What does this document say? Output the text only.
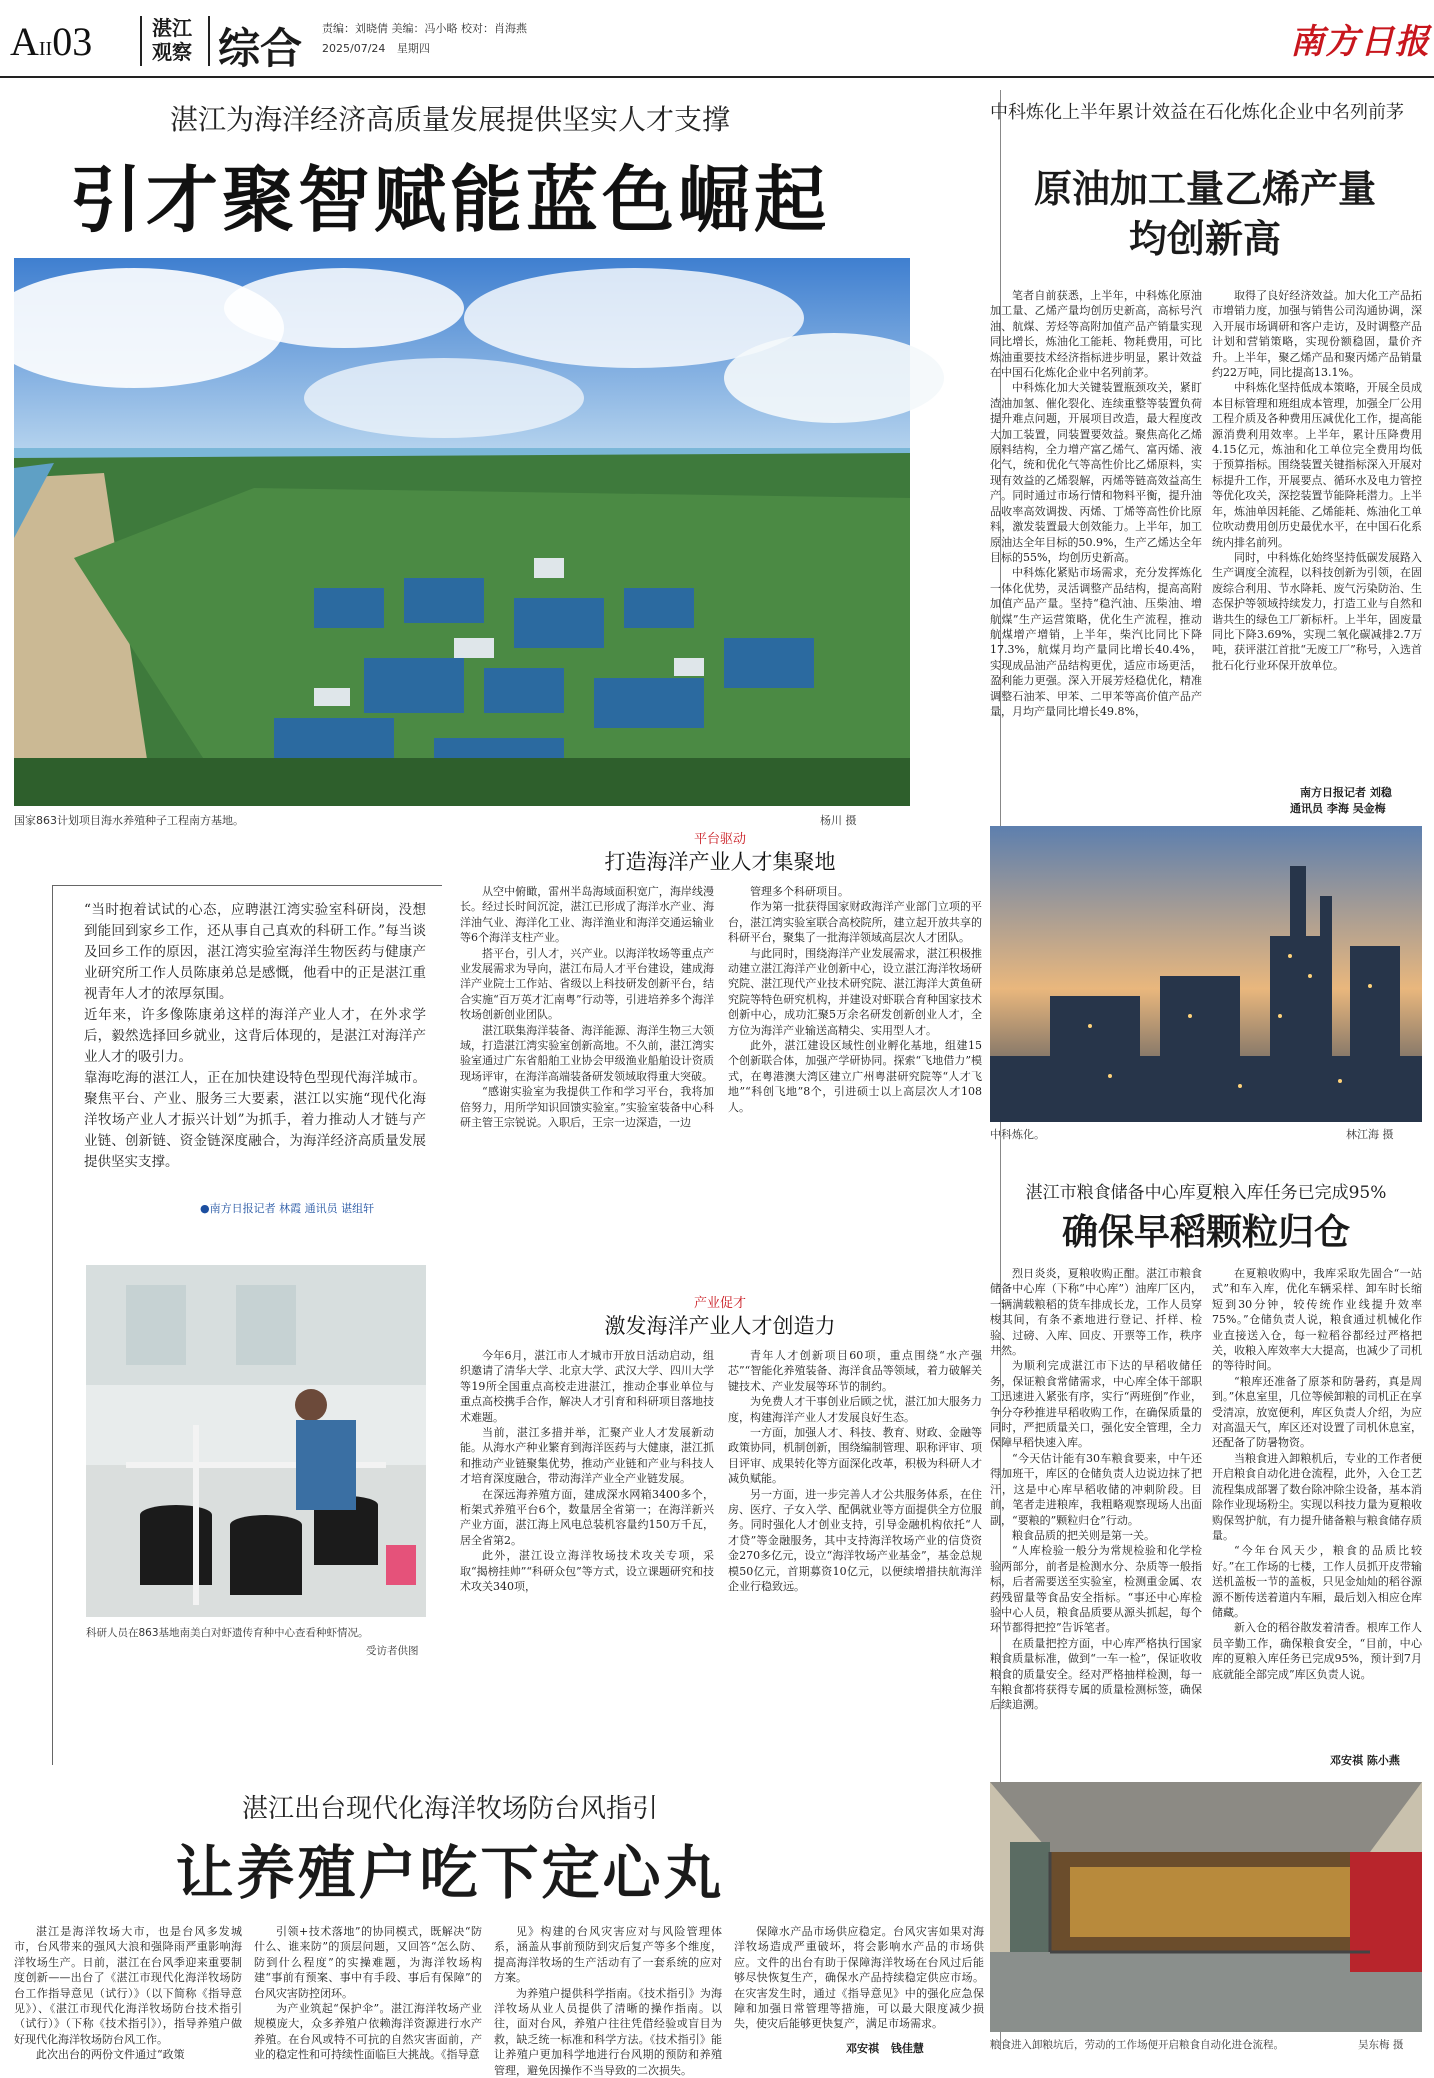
AII03	湛江
观察 综合 责编：刘晓倩 美编：冯小略 校对：肖海燕
2025/07/24 星期四	南方日报
湛江为海洋经济高质量发展提供坚实人才支撑
引才聚智赋能蓝色崛起
国家863计划项目海水养殖种子工程南方基地。	杨川 摄

“当时抱着试试的心态，应聘湛江湾实验室科研岗，没想到能回到家乡工作，还从事自己真欢的科研工作。”每当谈及回乡工作的原因，湛江湾实验室海洋生物医药与健康产业研究所工作人员陈康弟总是感慨，他看中的正是湛江重视青年人才的浓厚氛围。

近年来，许多像陈康弟这样的海洋产业人才，在外求学后，毅然选择回乡就业，这背后体现的，是湛江对海洋产业人才的吸引力。

靠海吃海的湛江人，正在加快建设特色型现代海洋城市。聚焦平台、产业、服务三大要素，湛江以实施“现代化海洋牧场产业人才振兴计划”为抓手，着力推动人才链与产业链、创新链、资金链深度融合，为海洋经济高质量发展提供坚实支撑。

●南方日报记者 林霞 通讯员 谌组轩
科研人员在863基地南美白对虾遗传育种中心查看种虾情况。
受访者供图
平台驱动
打造海洋产业人才集聚地

从空中俯瞰，雷州半岛海域面积宽广，海岸线漫长。经过长时间沉淀，湛江已形成了海洋水产业、海洋油气业、海洋化工业、海洋渔业和海洋交通运输业等6个海洋支柱产业。

搭平台，引人才，兴产业。以海洋牧场等重点产业发展需求为导向，湛江布局人才平台建设，建成海洋产业院士工作站、省级以上科技研发创新平台，结合实施“百万英才汇南粤”行动等，引进培养多个海洋牧场创新创业团队。

湛江联集海洋装备、海洋能源、海洋生物三大领域，打造湛江湾实验室创新高地。不久前，湛江湾实验室通过广东省船舶工业协会甲级渔业船舶设计资质现场评审，在海洋高端装备研发领域取得重大突破。

“感谢实验室为我提供工作和学习平台，我将加倍努力，用所学知识回馈实验室。”实验室装备中心科研主管王宗锐说。入职后，王宗一边深造，一边

管理多个科研项目。

作为第一批获得国家财政海洋产业部门立项的平台，湛江湾实验室联合高校院所，建立起开放共享的科研平台，聚集了一批海洋领域高层次人才团队。

与此同时，围绕海洋产业发展需求，湛江积极推动建立湛江海洋产业创新中心，设立湛江海洋牧场研究院、湛江现代产业技术研究院、湛江海洋大黄鱼研究院等特色研究机构，并建设对虾联合育种国家技术创新中心，成功汇聚5万余名研发创新创业人才，全方位为海洋产业输送高精尖、实用型人才。

此外，湛江建设区域性创业孵化基地，组建15个创新联合体，加强产学研协同。探索“飞地借力”模式，在粤港澳大湾区建立广州粤湛研究院等“人才飞地”“科创飞地”8个，引进硕士以上高层次人才108人。

产业促才
激发海洋产业人才创造力

今年6月，湛江市人才城市开放日活动启动，组织邀请了清华大学、北京大学、武汉大学、四川大学等19所全国重点高校走进湛江，推动企事业单位与重点高校携手合作，解决人才引育和科研项目落地技术难题。

当前，湛江多措并举，汇聚产业人才发展新动能。从海水产种业繁育到海洋医药与大健康，湛江抓和推动产业链聚集优势，推动产业链和产业与科技人才培育深度融合，带动海洋产业全产业链发展。

在深远海养殖方面，建成深水网箱3400多个，桁架式养殖平台6个，数量居全省第一；在海洋新兴产业方面，湛江海上风电总装机容量约150万千瓦，居全省第2。

此外，湛江设立海洋牧场技术攻关专项，采取“揭榜挂帅”“科研众包”等方式，设立课题研究和技术攻关340项，

青年人才创新项目60项，重点围绕“水产强芯”“智能化养殖装备、海洋食品等领域，着力破解关键技术、产业发展等环节的制约。

为免费人才干事创业后顾之忧，湛江加大服务力度，构建海洋产业人才发展良好生态。

一方面，加强人才、科技、教育、财政、金融等政策协同，机制创新，围绕编制管理、职称评审、项目评审、成果转化等方面深化改革，积极为科研人才减负赋能。

另一方面，进一步完善人才公共服务体系，在住房、医疗、子女入学、配偶就业等方面提供全方位服务。同时强化人才创业支持，引导金融机构依托“人才贷”等金融服务，其中支持海洋牧场产业的信贷资金270多亿元，设立“海洋牧场产业基金”，基金总规模50亿元，首期募资10亿元，以便续增措扶航海洋企业行稳致远。

中科炼化上半年累计效益在石化炼化企业中名列前茅
原油加工量乙烯产量
均创新高

笔者自前获悉，上半年，中科炼化原油加工量、乙烯产量均创历史新高，高标号汽油、航煤、芳烃等高附加值产品产销量实现同比增长，炼油化工能耗、物耗费用，可比炼油重要技术经济指标进步明显，累计效益在中国石化炼化企业中名列前茅。

中科炼化加大关键装置瓶颈攻关，紧盯渣油加氢、催化裂化、连续重整等装置负荷提升难点问题，开展项目改造，最大程度改大加工装置，同装置要效益。聚焦高化乙烯原料结构，全力增产富乙烯气、富丙烯、液化气，统和优化气等高性价比乙烯原料，实现有效益的乙烯裂解，丙烯等链高效益高生产。同时通过市场行情和物料平衡，提升油品收率高效调拨、丙烯、丁烯等高性价比原料，激发装置最大创效能力。上半年，加工原油达全年目标的50.9%，生产乙烯达全年目标的55%，均创历史新高。

中科炼化紧贴市场需求，充分发挥炼化一体化优势，灵活调整产品结构，提高高附加值产品产量。坚持“稳汽油、压柴油、增航煤”生产运营策略，优化生产流程，推动航煤增产增销，上半年，柴汽比同比下降17.3%，航煤月均产量同比增长40.4%，实现成品油产品结构更优，适应市场更活，盈利能力更强。深入开展芳烃稳优化，精准调整石油苯、甲苯、二甲苯等高价值产品产量，月均产量同比增长49.8%，

取得了良好经济效益。加大化工产品拓市增销力度，加强与销售公司沟通协调，深入开展市场调研和客户走访，及时调整产品计划和营销策略，实现份额稳固，量价齐升。上半年，聚乙烯产品和聚丙烯产品销量约22万吨，同比提高13.1%。

中科炼化坚持低成本策略，开展全员成本目标管理和班组成本管理，加强全厂公用工程介质及各种费用压减优化工作，提高能源消费利用效率。上半年，累计压降费用4.15亿元，炼油和化工单位完全费用均低于预算指标。围绕装置关键指标深入开展对标提升工作，开展要点、循环水及电力管控等优化攻关，深挖装置节能降耗潜力。上半年，炼油单因耗能、乙烯能耗、炼油化工单位吹动费用创历史最优水平，在中国石化系统内排名前列。

同时，中科炼化始终坚持低碳发展路入生产调度全流程，以科技创新为引领，在固废综合利用、节水降耗、废气污染防治、生态保护等领域持续发力，打造工业与自然和谐共生的绿色工厂新标杆。上半年，固废量同比下降3.69%，实现二氧化碳减排2.7万吨，获评湛江首批“无废工厂”称号，入选首批石化行业环保开放单位。

南方日报记者 刘稳
通讯员 李海 吴金梅
中科炼化。	林江海 摄
湛江市粮食储备中心库夏粮入库任务已完成95%
确保早稻颗粒归仓

烈日炎炎，夏粮收购正酣。湛江市粮食储备中心库（下称“中心库”）油库厂区内，一辆满载粮稻的货车排成长龙，工作人员穿梭其间，有条不紊地进行登记、扦样、检验、过磅、入库、回皮、开票等工作，秩序井然。

为顺利完成湛江市下达的早稻收储任务，保证粮食常储需求，中心库全体干部职工迅速进入紧张有序，实行“两班倒”作业，争分夺秒推进早稻收购工作，在确保质量的同时，严把质量关口，强化安全管理，全力保障早稻快速入库。

“今天估计能有30车粮食要来，中午还得加班干，库区的仓储负责人边说边抹了把汗，这是中心库早稻收储的冲刺阶段。目前，笔者走进粮库，我粗略观察现场人出面副，“要粮的”颗粒归仓”行动。

粮食品质的把关则是第一关。

“人库检验一般分为常规检验和化学检验两部分，前者是检测水分、杂质等一般指标，后者需要送至实验室，检测重金属、农药残留量等食品安全指标。“事还中心库检验中心人员，粮食品质要从源头抓起，每个环节都得把控”告诉笔者。

在质量把控方面，中心库严格执行国家粮食质量标准，做到“一车一检”，保证收收粮食的质量安全。经对严格抽样检测，每一车粮食都将获得专属的质量检测标签，确保后续追溯。

在夏粮收购中，我库采取先固合“一站式”和车入库，优化车辆采样、卸车时长缩短到30分钟，较传统作业线提升效率75%。”仓储负责人说，粮食通过机械化作业直接送入仓，每一粒稻谷都经过严格把关，收粮入库效率大大提高，也减少了司机的等待时间。

“粮库还准备了原茶和防暑药，真是周到。”休息室里，几位等候卸粮的司机正在享受清凉，放宽便利，库区负责人介绍，为应对高温天气，库区还对设置了司机休息室，还配备了防暑物资。

当粮食进入卸粮机后，专业的工作者便开启粮食自动化进仓流程，此外，入仓工艺流程集成部署了数台除冲除尘设备，基本消除作业现场粉尘。实现以科技力量为夏粮收购保驾护航，有力提升储备粮与粮食储存质量。

“今年台风天少，粮食的品质比较好。”在工作场的七楼，工作人员抓开皮带输送机盖板一节的盖板，只见金灿灿的稻谷源源不断传送着道内车厢，最后划入相应仓库储藏。

新入仓的稻谷散发着清香。根库工作人员辛勤工作，确保粮食安全，“目前，中心库的夏粮入库任务已完成95%，预计到7月底就能全部完成”库区负责人说。

邓安祺 陈小燕
粮食进入卸粮坑后，劳动的工作场便开启粮食自动化进仓流程。	吴东梅 摄
湛江出台现代化海洋牧场防台风指引
让养殖户吃下定心丸

湛江是海洋牧场大市，也是台风多发城市，台风带来的强风大浪和强降雨严重影响海洋牧场生产。日前，湛江在台风季迎来重要制度创新——出台了《湛江市现代化海洋牧场防台工作指导意见（试行）》（以下简称《指导意见》）、《湛江市现代化海洋牧场防台技术指引（试行）》（下称《技术指引》），指导养殖户做好现代化海洋牧场防台风工作。

此次出台的两份文件通过“政策

引领+技术落地”的协同模式，既解决“防什么、谁来防”的顶层问题，又回答“怎么防、防到什么程度”的实操难题，为海洋牧场构建“事前有预案、事中有手段、事后有保障”的台风灾害防控闭环。

为产业筑起“保护伞”。湛江海洋牧场产业规模庞大，众多养殖户依赖海洋资源进行水产养殖。在台风或特不可抗的自然灾害面前，产业的稳定性和可持续性面临巨大挑战。《指导意

见》构建的台风灾害应对与风险管理体系，涵盖从事前预防到灾后复产等多个维度，提高海洋牧场的生产活动有了一套系统的应对方案。

为养殖户提供科学指南。《技术指引》为海洋牧场从业人员提供了清晰的操作指南。以往，面对台风，养殖户往往凭借经验或盲目为救，缺乏统一标准和科学方法。《技术指引》能让养殖户更加科学地进行台风期的预防和养殖管理，避免因操作不当导致的二次损失。

保障水产品市场供应稳定。台风灾害如果对海洋牧场造成严重破坏，将会影响水产品的市场供应。文件的出台有助于保障海洋牧场在台风过后能够尽快恢复生产，确保水产品持续稳定供应市场。在灾害发生时，通过《指导意见》中的强化应急保障和加强日常管理等措施，可以最大限度减少损失，使灾后能够更快复产，满足市场需求。

邓安祺 钱佳慧
